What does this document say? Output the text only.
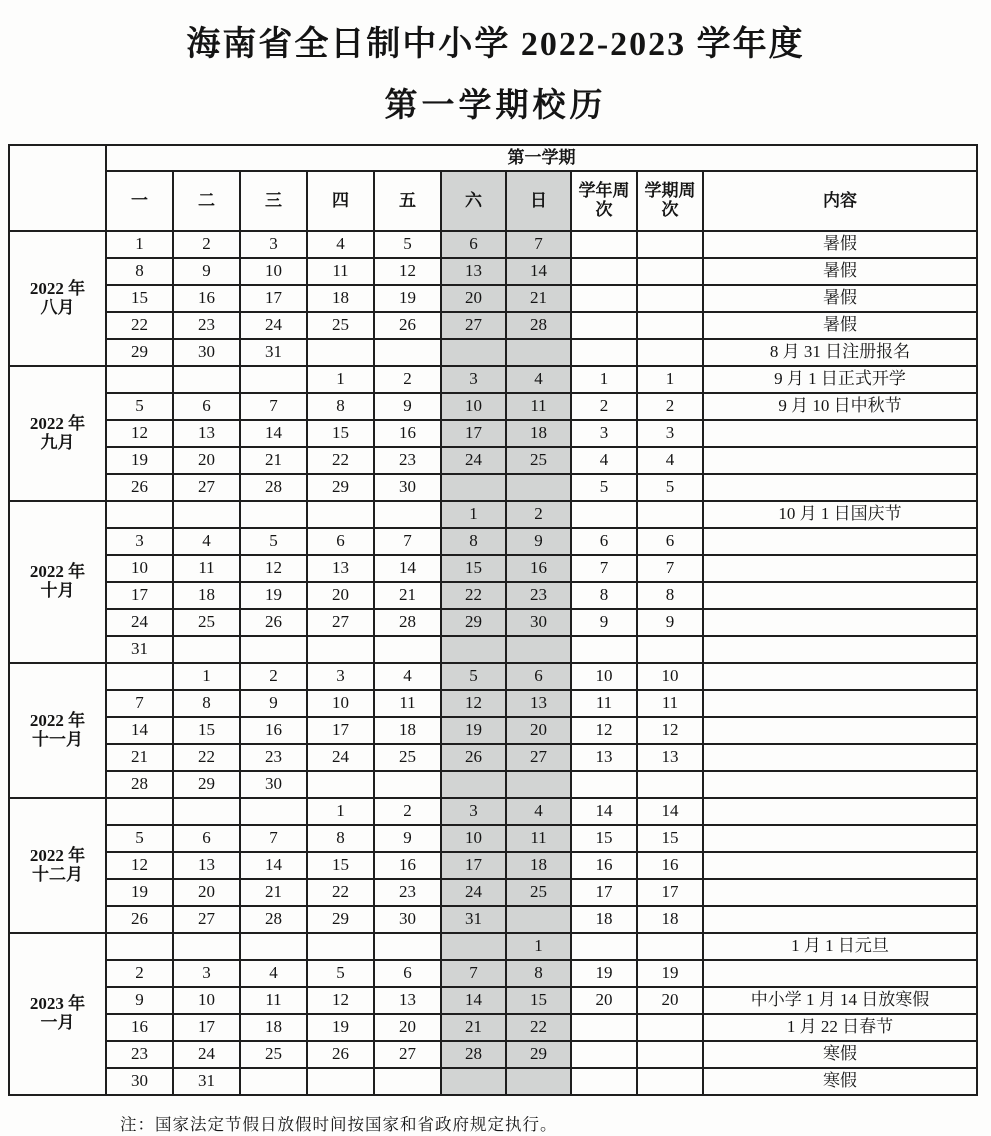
海南省全日制中小学 2022-2023 学年度
第一学期校历
	第一学期									
	一	二	三	四	五	六	日	学年周次	学期周次	内容

2022 年
八月	1	2	3	4	5	6	7			暑假
	8	9	10	11	12	13	14			暑假
	15	16	17	18	19	20	21			暑假
	22	23	24	25	26	27	28			暑假
	29	30	31							8 月 31 日注册报名

2022 年
九月				1	2	3	4	1	1	9 月 1 日正式开学
	5	6	7	8	9	10	11	2	2	9 月 10 日中秋节
	12	13	14	15	16	17	18	3	3	
	19	20	21	22	23	24	25	4	4	
	26	27	28	29	30			5	5	

2022 年
十月						1	2			10 月 1 日国庆节
	3	4	5	6	7	8	9	6	6	
	10	11	12	13	14	15	16	7	7	
	17	18	19	20	21	22	23	8	8	
	24	25	26	27	28	29	30	9	9	
	31									

2022 年
十一月		1	2	3	4	5	6	10	10	
	7	8	9	10	11	12	13	11	11	
	14	15	16	17	18	19	20	12	12	
	21	22	23	24	25	26	27	13	13	
	28	29	30							

2022 年
十二月				1	2	3	4	14	14	
	5	6	7	8	9	10	11	15	15	
	12	13	14	15	16	17	18	16	16	
	19	20	21	22	23	24	25	17	17	
	26	27	28	29	30	31		18	18	

2023 年
一月							1			1 月 1 日元旦
	2	3	4	5	6	7	8	19	19	
	9	10	11	12	13	14	15	20	20	中小学 1 月 14 日放寒假
	16	17	18	19	20	21	22			1 月 22 日春节
	23	24	25	26	27	28	29			寒假
	30	31								寒假

注：国家法定节假日放假时间按国家和省政府规定执行。
